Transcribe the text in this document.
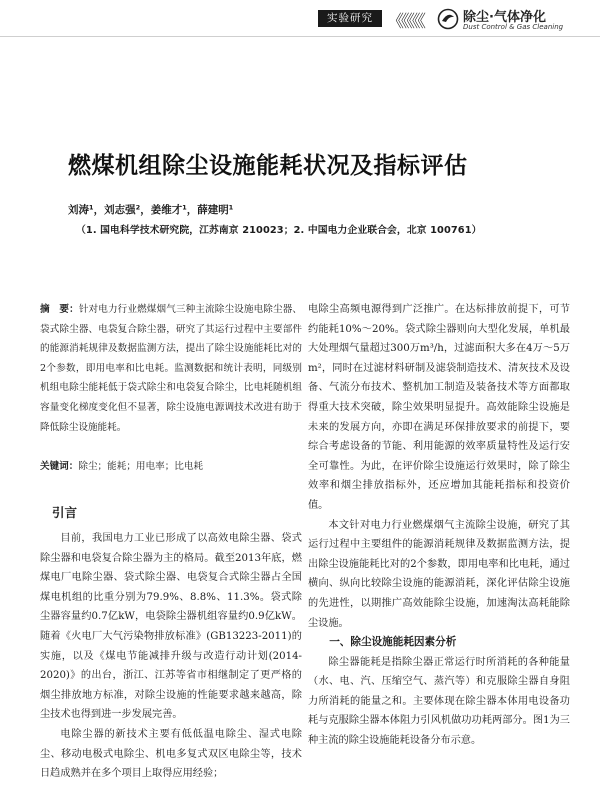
实验研究 《《《《《	除尘·气体净化
Dust Control & Gas Cleaning
燃煤机组除尘设施能耗状况及指标评估
刘涛¹，刘志强²，姜维才¹，薛建明¹
（1. 国电科学技术研究院，江苏南京 210023；2. 中国电力企业联合会，北京 100761）
摘　要：针对电力行业燃煤烟气三种主流除尘设施电除尘器、袋式除尘器、电袋复合除尘器，研究了其运行过程中主要部件的能源消耗规律及数据监测方法，提出了除尘设施能耗比对的2个参数，即用电率和比电耗。监测数据和统计表明，同级别机组电除尘能耗低于袋式除尘和电袋复合除尘，比电耗随机组容量变化梯度变化但不显著，除尘设施电源调技术改进有助于降低除尘设施能耗。
关键词：除尘；能耗；用电率；比电耗
引言

目前，我国电力工业已形成了以高效电除尘器、袋式除尘器和电袋复合除尘器为主的格局。截至2013年底，燃煤电厂电除尘器、袋式除尘器、电袋复合式除尘器占全国煤电机组的比重分别为79.9%、8.8%、11.3%。袋式除尘器容量约0.7亿kW，电袋除尘器机组容量约0.9亿kW。随着《火电厂大气污染物排放标准》(GB13223-2011)的实施，以及《煤电节能减排升级与改造行动计划(2014-2020)》的出台，浙江、江苏等省市相继制定了更严格的烟尘排放地方标准，对除尘设施的性能要求越来越高，除尘技术也得到进一步发展完善。

电除尘器的新技术主要有低低温电除尘、湿式电除尘、移动电极式电除尘、机电多复式双区电除尘等，技术日趋成熟并在多个项目上取得应用经验；

电除尘高频电源得到广泛推广。在达标排放前提下，可节约能耗10%～20%。袋式除尘器则向大型化发展，单机最大处理烟气量超过300万m³/h，过滤面积大多在4万～5万m²，同时在过滤材料研制及滤袋制造技术、清灰技术及设备、气流分布技术、整机加工制造及装备技术等方面都取得重大技术突破，除尘效果明显提升。高效能除尘设施是未来的发展方向，亦即在满足环保排放要求的前提下，要综合考虑设备的节能、利用能源的效率质量特性及运行安全可靠性。为此，在评价除尘设施运行效果时，除了除尘效率和烟尘排放指标外，还应增加其能耗指标和投资价值。

本文针对电力行业燃煤烟气主流除尘设施，研究了其运行过程中主要组件的能源消耗规律及数据监测方法，提出除尘设施能耗比对的2个参数，即用电率和比电耗，通过横向、纵向比较除尘设施的能源消耗，深化评估除尘设施的先进性，以期推广高效能除尘设施，加速淘汰高耗能除尘设施。

一、除尘设施能耗因素分析

除尘器能耗是指除尘器正常运行时所消耗的各种能量（水、电、汽、压缩空气、蒸汽等）和克服除尘器自身阻力所消耗的能量之和。主要体现在除尘器本体用电设备功耗与克服除尘器本体阻力引风机做功功耗两部分。图1为三种主流的除尘设施能耗设备分布示意。
